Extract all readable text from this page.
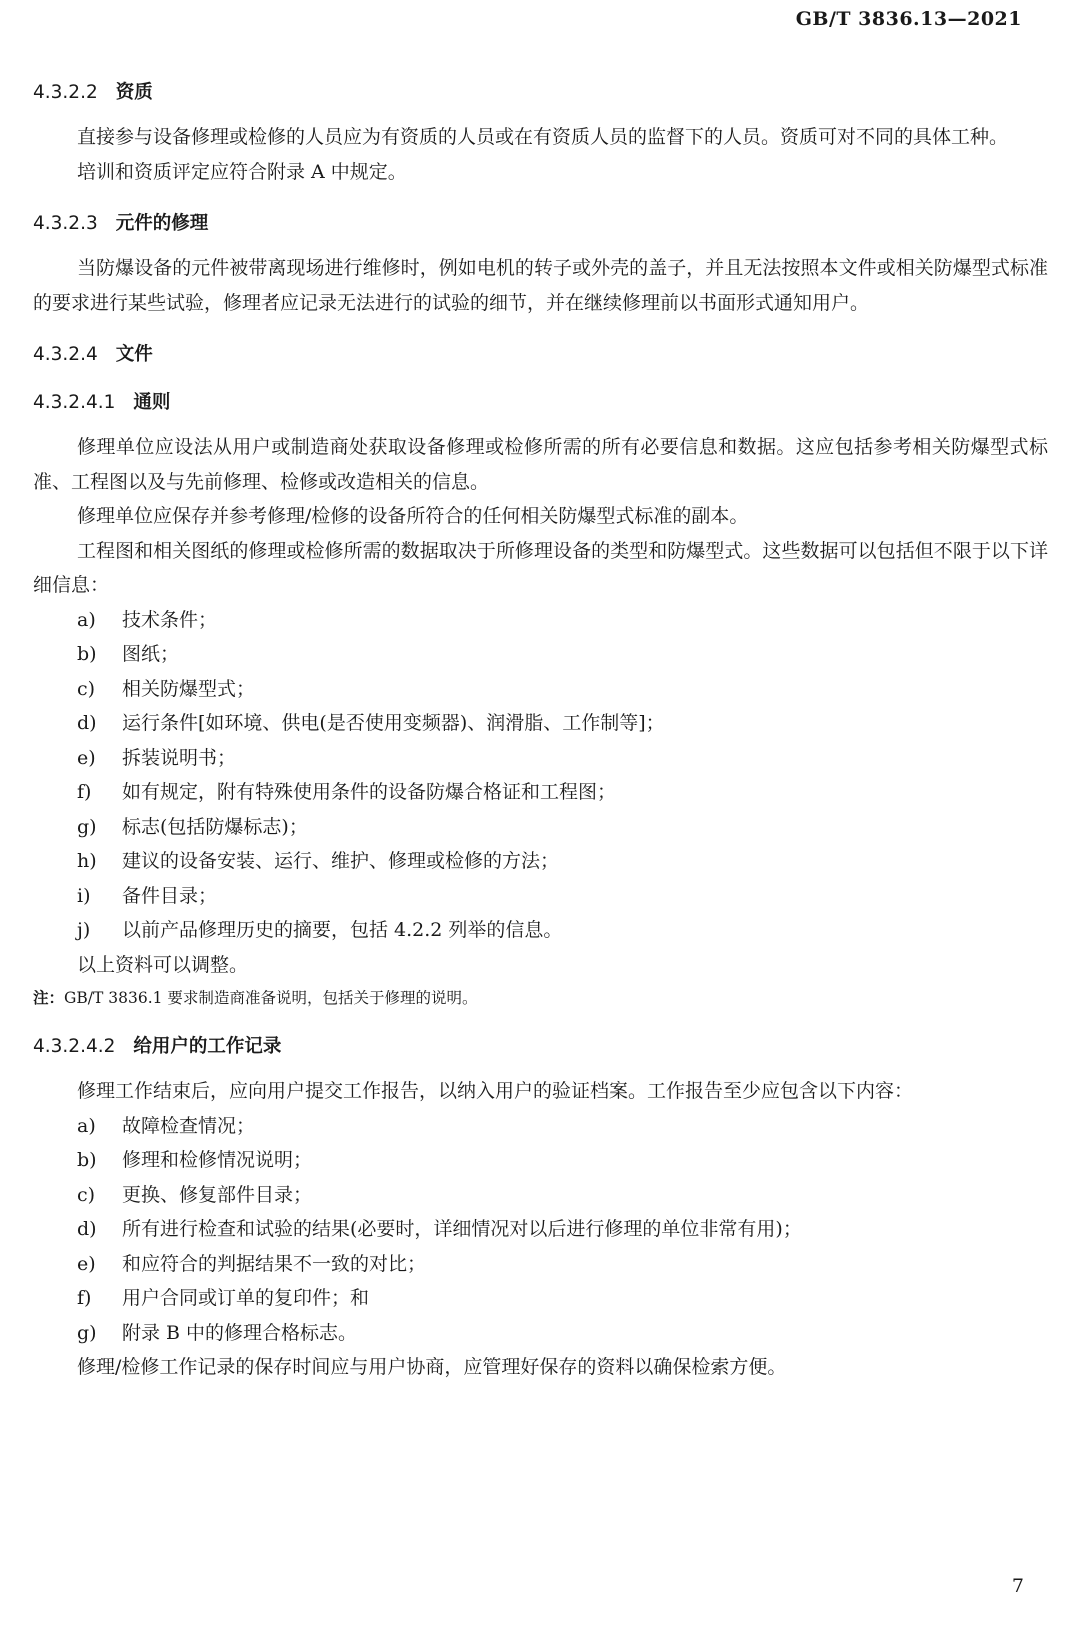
GB/T 3836.13—2021
4.3.2.2 资质

直接参与设备修理或检修的人员应为有资质的人员或在有资质人员的监督下的人员。资质可对不同的具体工种。

培训和资质评定应符合附录 A 中规定。

4.3.2.3 元件的修理

当防爆设备的元件被带离现场进行维修时，例如电机的转子或外壳的盖子，并且无法按照本文件或相关防爆型式标准的要求进行某些试验，修理者应记录无法进行的试验的细节，并在继续修理前以书面形式通知用户。

4.3.2.4 文件
4.3.2.4.1 通则

修理单位应设法从用户或制造商处获取设备修理或检修所需的所有必要信息和数据。这应包括参考相关防爆型式标准、工程图以及与先前修理、检修或改造相关的信息。

修理单位应保存并参考修理/检修的设备所符合的任何相关防爆型式标准的副本。

工程图和相关图纸的修理或检修所需的数据取决于所修理设备的类型和防爆型式。这些数据可以包括但不限于以下详细信息：

a)	技术条件；
b)	图纸；
c)	相关防爆型式；
d)	运行条件[如环境、供电(是否使用变频器)、润滑脂、工作制等]；
e)	拆装说明书；
f)	如有规定，附有特殊使用条件的设备防爆合格证和工程图；
g)	标志(包括防爆标志)；
h)	建议的设备安装、运行、维护、修理或检修的方法；
i)	备件目录；
j)	以前产品修理历史的摘要，包括 4.2.2 列举的信息。

以上资料可以调整。

注：GB/T 3836.1 要求制造商准备说明，包括关于修理的说明。

4.3.2.4.2 给用户的工作记录

修理工作结束后，应向用户提交工作报告，以纳入用户的验证档案。工作报告至少应包含以下内容：

a)	故障检查情况；
b)	修理和检修情况说明；
c)	更换、修复部件目录；
d)	所有进行检查和试验的结果(必要时，详细情况对以后进行修理的单位非常有用)；
e)	和应符合的判据结果不一致的对比；
f)	用户合同或订单的复印件；和
g)	附录 B 中的修理合格标志。

修理/检修工作记录的保存时间应与用户协商，应管理好保存的资料以确保检索方便。

7
